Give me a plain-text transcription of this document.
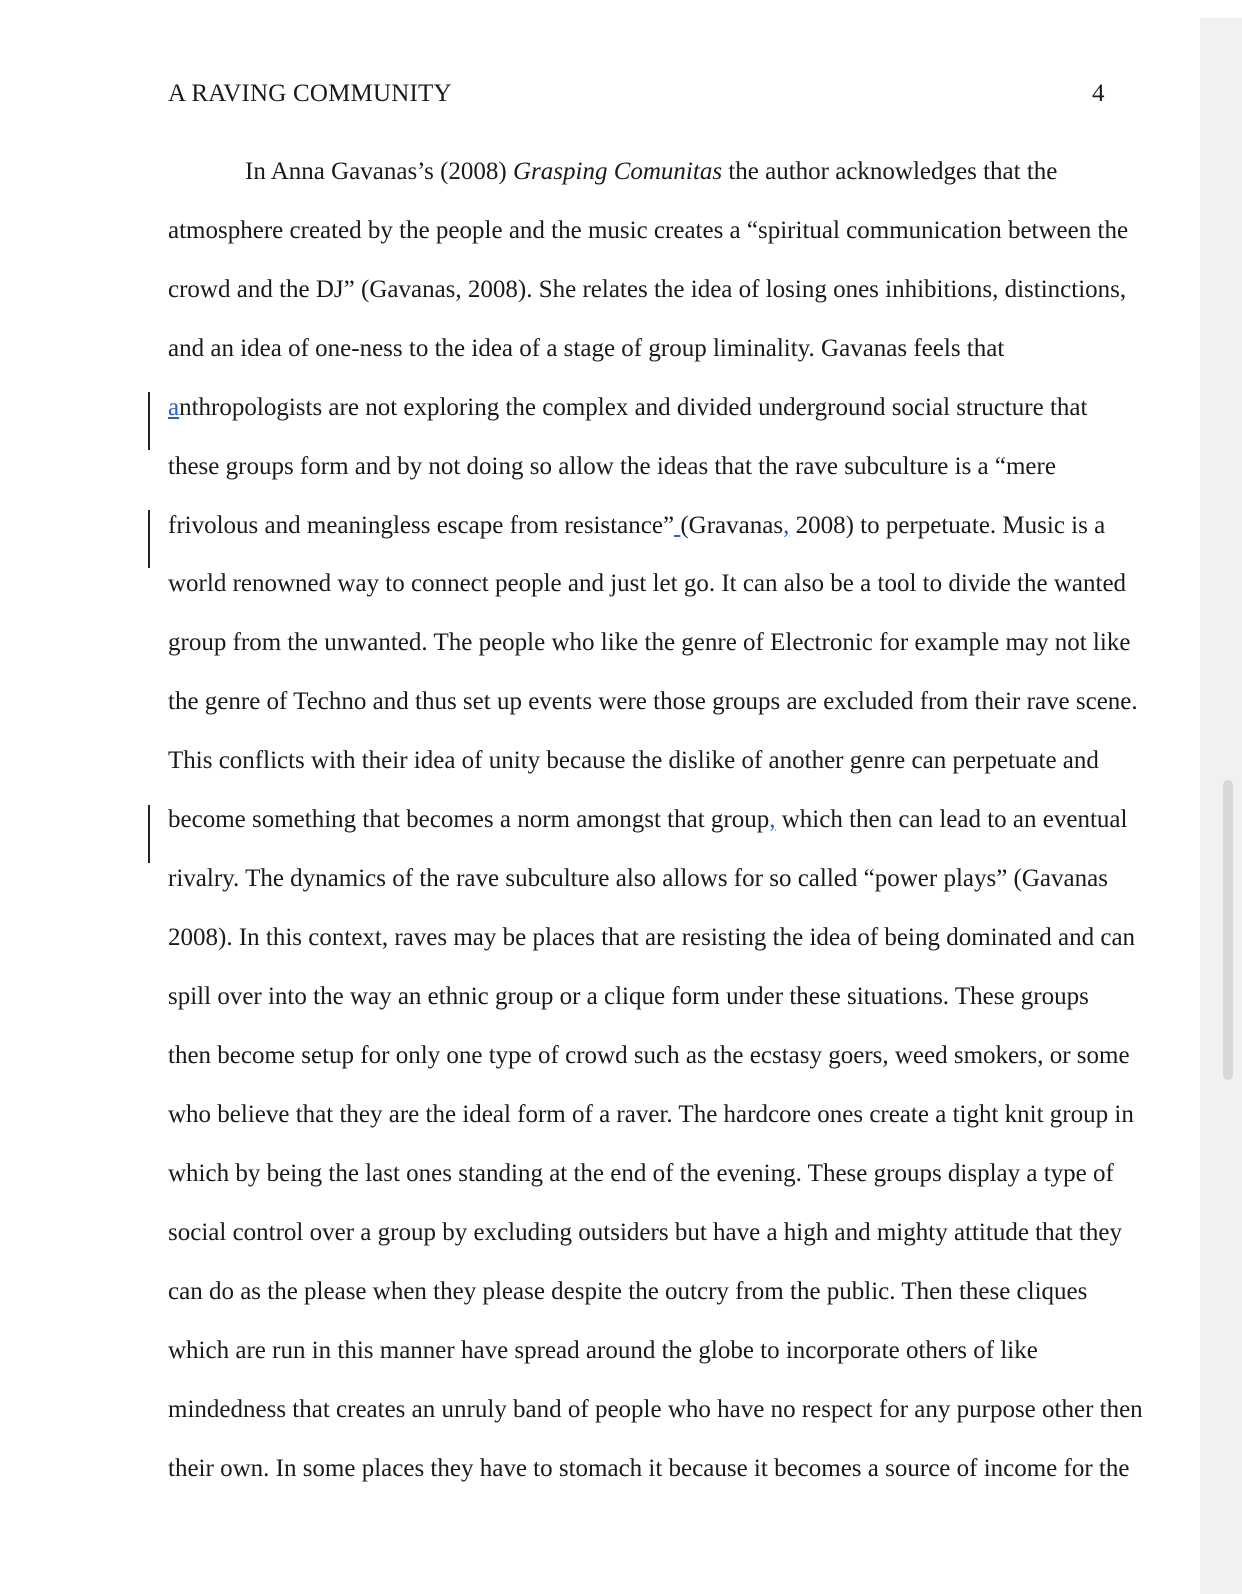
A RAVING COMMUNITY	4
In Anna Gavanas’s (2008) Grasping Comunitas the author acknowledges that the
atmosphere created by the people and the music creates a “spiritual communication between the
crowd and the DJ” (Gavanas, 2008). She relates the idea of losing ones inhibitions, distinctions,
and an idea of one-ness to the idea of a stage of group liminality. Gavanas feels that
anthropologists are not exploring the complex and divided underground social structure that
these groups form and by not doing so allow the ideas that the rave subculture is a “mere
frivolous and meaningless escape from resistance” (Gravanas, 2008) to perpetuate. Music is a
world renowned way to connect people and just let go. It can also be a tool to divide the wanted
group from the unwanted. The people who like the genre of Electronic for example may not like
the genre of Techno and thus set up events were those groups are excluded from their rave scene.
This conflicts with their idea of unity because the dislike of another genre can perpetuate and
become something that becomes a norm amongst that group, which then can lead to an eventual
rivalry. The dynamics of the rave subculture also allows for so called “power plays” (Gavanas
2008). In this context, raves may be places that are resisting the idea of being dominated and can
spill over into the way an ethnic group or a clique form under these situations. These groups
then become setup for only one type of crowd such as the ecstasy goers, weed smokers, or some
who believe that they are the ideal form of a raver. The hardcore ones create a tight knit group in
which by being the last ones standing at the end of the evening. These groups display a type of
social control over a group by excluding outsiders but have a high and mighty attitude that they
can do as the please when they please despite the outcry from the public. Then these cliques
which are run in this manner have spread around the globe to incorporate others of like
mindedness that creates an unruly band of people who have no respect for any purpose other then
their own. In some places they have to stomach it because it becomes a source of income for the
